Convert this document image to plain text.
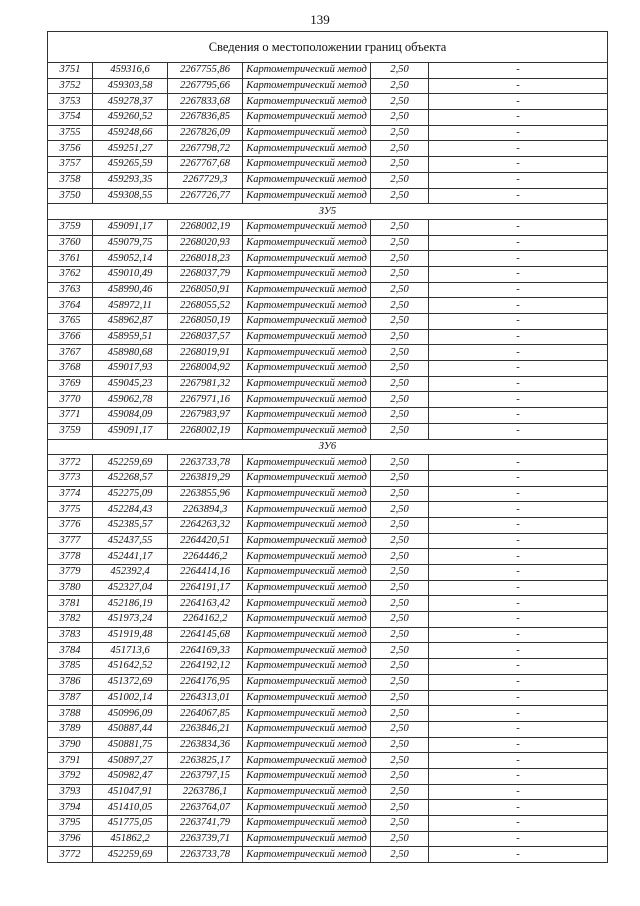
139
Сведения о местоположении границ объекта					
3751	459316,6	2267755,86	Картометрический метод	2,50	-
3752	459303,58	2267795,66	Картометрический метод	2,50	-
3753	459278,37	2267833,68	Картометрический метод	2,50	-
3754	459260,52	2267836,85	Картометрический метод	2,50	-
3755	459248,66	2267826,09	Картометрический метод	2,50	-
3756	459251,27	2267798,72	Картометрический метод	2,50	-
3757	459265,59	2267767,68	Картометрический метод	2,50	-
3758	459293,35	2267729,3	Картометрический метод	2,50	-
3750	459308,55	2267726,77	Картометрический метод	2,50	-
ЗУ5					
3759	459091,17	2268002,19	Картометрический метод	2,50	-
3760	459079,75	2268020,93	Картометрический метод	2,50	-
3761	459052,14	2268018,23	Картометрический метод	2,50	-
3762	459010,49	2268037,79	Картометрический метод	2,50	-
3763	458990,46	2268050,91	Картометрический метод	2,50	-
3764	458972,11	2268055,52	Картометрический метод	2,50	-
3765	458962,87	2268050,19	Картометрический метод	2,50	-
3766	458959,51	2268037,57	Картометрический метод	2,50	-
3767	458980,68	2268019,91	Картометрический метод	2,50	-
3768	459017,93	2268004,92	Картометрический метод	2,50	-
3769	459045,23	2267981,32	Картометрический метод	2,50	-
3770	459062,78	2267971,16	Картометрический метод	2,50	-
3771	459084,09	2267983,97	Картометрический метод	2,50	-
3759	459091,17	2268002,19	Картометрический метод	2,50	-
ЗУ6					
3772	452259,69	2263733,78	Картометрический метод	2,50	-
3773	452268,57	2263819,29	Картометрический метод	2,50	-
3774	452275,09	2263855,96	Картометрический метод	2,50	-
3775	452284,43	2263894,3	Картометрический метод	2,50	-
3776	452385,57	2264263,32	Картометрический метод	2,50	-
3777	452437,55	2264420,51	Картометрический метод	2,50	-
3778	452441,17	2264446,2	Картометрический метод	2,50	-
3779	452392,4	2264414,16	Картометрический метод	2,50	-
3780	452327,04	2264191,17	Картометрический метод	2,50	-
3781	452186,19	2264163,42	Картометрический метод	2,50	-
3782	451973,24	2264162,2	Картометрический метод	2,50	-
3783	451919,48	2264145,68	Картометрический метод	2,50	-
3784	451713,6	2264169,33	Картометрический метод	2,50	-
3785	451642,52	2264192,12	Картометрический метод	2,50	-
3786	451372,69	2264176,95	Картометрический метод	2,50	-
3787	451002,14	2264313,01	Картометрический метод	2,50	-
3788	450996,09	2264067,85	Картометрический метод	2,50	-
3789	450887,44	2263846,21	Картометрический метод	2,50	-
3790	450881,75	2263834,36	Картометрический метод	2,50	-
3791	450897,27	2263825,17	Картометрический метод	2,50	-
3792	450982,47	2263797,15	Картометрический метод	2,50	-
3793	451047,91	2263786,1	Картометрический метод	2,50	-
3794	451410,05	2263764,07	Картометрический метод	2,50	-
3795	451775,05	2263741,79	Картометрический метод	2,50	-
3796	451862,2	2263739,71	Картометрический метод	2,50	-
3772	452259,69	2263733,78	Картометрический метод	2,50	-
